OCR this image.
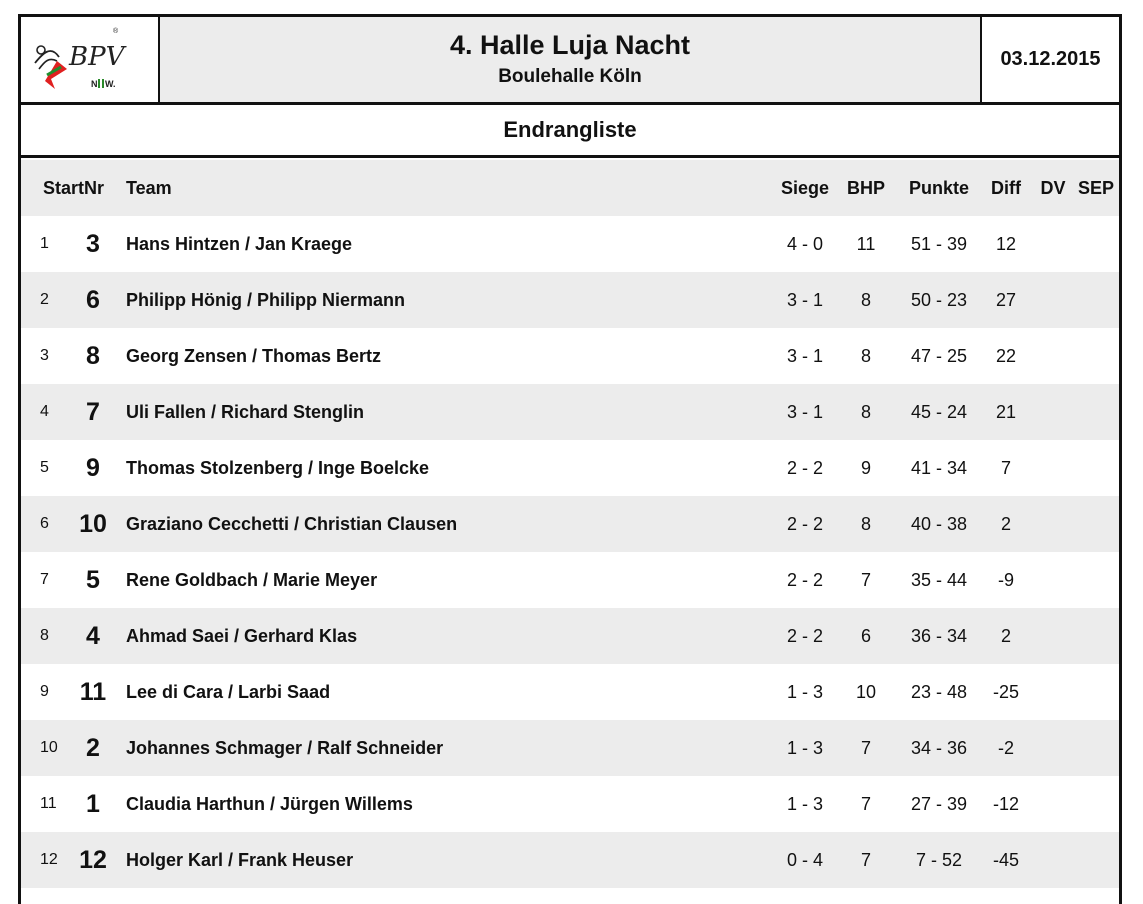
BPV
N W.
®	4. Halle Luja Nacht
Boulehalle Köln
03.12.2015
Endrangliste
StartNr Team	Siege BHP	Punkte	Diff	DV SEP
1	3	Hans Hintzen / Jan Kraege	4 - 0	11	51 - 39	12
2	6	Philipp Hönig / Philipp Niermann	3 - 1	8	50 - 23	27
3	8	Georg Zensen / Thomas Bertz	3 - 1	8	47 - 25	22
4	7	Uli Fallen / Richard Stenglin	3 - 1	8	45 - 24	21
5	9	Thomas Stolzenberg / Inge Boelcke	2 - 2	9	41 - 34	7
6	10	Graziano Cecchetti / Christian Clausen	2 - 2	8	40 - 38	2
7	5	Rene Goldbach / Marie Meyer	2 - 2	7	35 - 44	-9
8	4	Ahmad Saei / Gerhard Klas	2 - 2	6	36 - 34	2
9	11	Lee di Cara / Larbi Saad	1 - 3	10	23 - 48	-25
10	2	Johannes Schmager / Ralf Schneider	1 - 3	7	34 - 36	-2
11	1	Claudia Harthun / Jürgen Willems	1 - 3	7	27 - 39	-12
12 12	Holger Karl / Frank Heuser	0 - 4	7	7 - 52	-45
